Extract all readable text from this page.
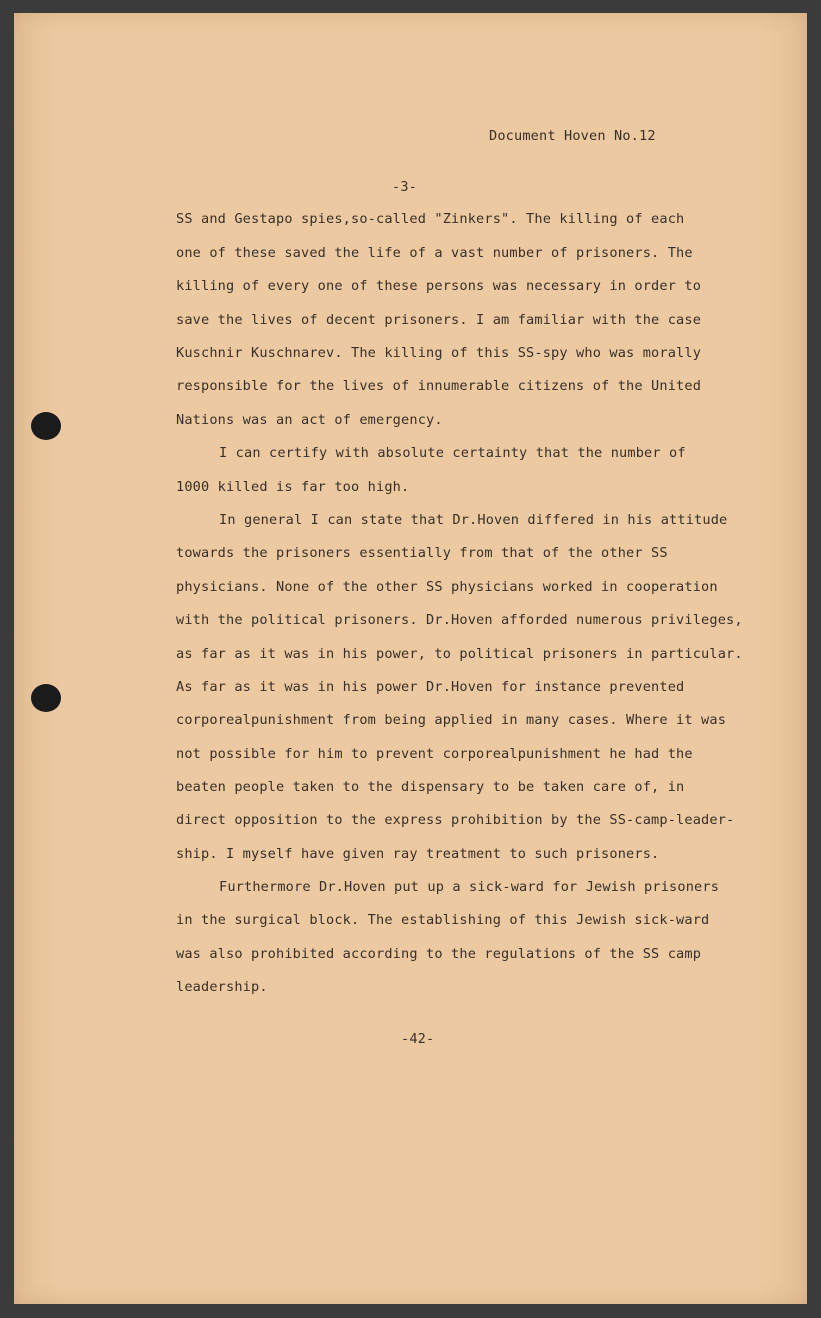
Document Hoven No.12
-3-
SS and Gestapo spies,so-called "Zinkers". The killing of each
one of these saved the life of a vast number of prisoners. The
killing of every one of these persons was necessary in order to
save the lives of decent prisoners. I am familiar with the case
Kuschnir Kuschnarev. The killing of this SS-spy who was morally
responsible for the lives of innumerable citizens of the United
Nations was an act of emergency.
I can certify with absolute certainty that the number of
1000 killed is far too high.
In general I can state that Dr.Hoven differed in his attitude
towards the prisoners essentially from that of the other SS
physicians. None of the other SS physicians worked in cooperation
with the political prisoners. Dr.Hoven afforded numerous privileges,
as far as it was in his power, to political prisoners in particular.
As far as it was in his power Dr.Hoven for instance prevented
corporealpunishment from being applied in many cases. Where it was
not possible for him to prevent corporealpunishment he had the
beaten people taken to the dispensary to be taken care of, in
direct opposition to the express prohibition by the SS-camp-leader-
ship. I myself have given ray treatment to such prisoners.
Furthermore Dr.Hoven put up a sick-ward for Jewish prisoners
in the surgical block. The establishing of this Jewish sick-ward
was also prohibited according to the regulations of the SS camp
leadership.
-42-
